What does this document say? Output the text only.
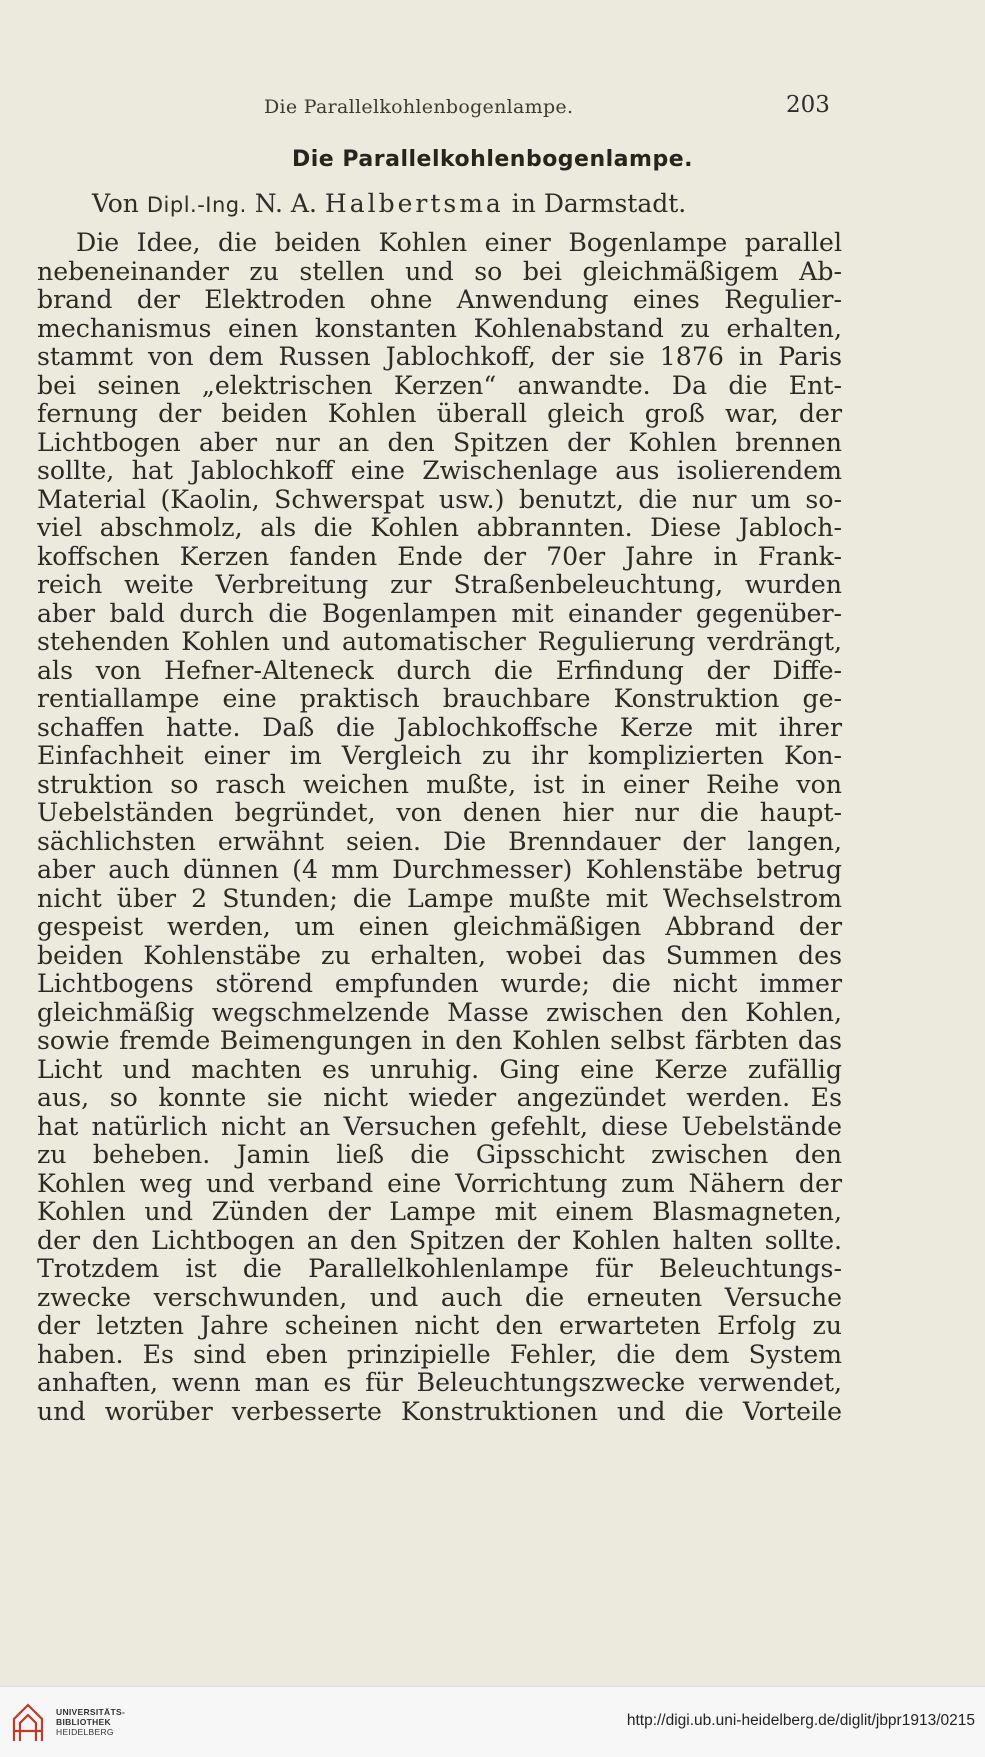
Die Parallelkohlenbogenlampe.	203
Die Parallelkohlenbogenlampe.
Von Dipl.-Ing. N. A. Halbertsma in Darmstadt.
Die Idee, die beiden Kohlen einer Bogenlampe parallel
nebeneinander zu stellen und so bei gleichmäßigem Ab-
brand der Elektroden ohne Anwendung eines Regulier-
mechanismus einen konstanten Kohlenabstand zu erhalten,
stammt von dem Russen Jablochkoff, der sie 1876 in Paris
bei seinen „elektrischen Kerzen“ anwandte. Da die Ent-
fernung der beiden Kohlen überall gleich groß war, der
Lichtbogen aber nur an den Spitzen der Kohlen brennen
sollte, hat Jablochkoff eine Zwischenlage aus isolierendem
Material (Kaolin, Schwerspat usw.) benutzt, die nur um so-
viel abschmolz, als die Kohlen abbrannten. Diese Jabloch-
koffschen Kerzen fanden Ende der 70er Jahre in Frank-
reich weite Verbreitung zur Straßenbeleuchtung, wurden
aber bald durch die Bogenlampen mit einander gegenüber-
stehenden Kohlen und automatischer Regulierung verdrängt,
als von Hefner-Alteneck durch die Erfindung der Diffe-
rentiallampe eine praktisch brauchbare Konstruktion ge-
schaffen hatte. Daß die Jablochkoffsche Kerze mit ihrer
Einfachheit einer im Vergleich zu ihr komplizierten Kon-
struktion so rasch weichen mußte, ist in einer Reihe von
Uebelständen begründet, von denen hier nur die haupt-
sächlichsten erwähnt seien. Die Brenndauer der langen,
aber auch dünnen (4 mm Durchmesser) Kohlenstäbe betrug
nicht über 2 Stunden; die Lampe mußte mit Wechselstrom
gespeist werden, um einen gleichmäßigen Abbrand der
beiden Kohlenstäbe zu erhalten, wobei das Summen des
Lichtbogens störend empfunden wurde; die nicht immer
gleichmäßig wegschmelzende Masse zwischen den Kohlen,
sowie fremde Beimengungen in den Kohlen selbst färbten das
Licht und machten es unruhig. Ging eine Kerze zufällig
aus, so konnte sie nicht wieder angezündet werden. Es
hat natürlich nicht an Versuchen gefehlt, diese Uebelstände
zu beheben. Jamin ließ die Gipsschicht zwischen den
Kohlen weg und verband eine Vorrichtung zum Nähern der
Kohlen und Zünden der Lampe mit einem Blasmagneten,
der den Lichtbogen an den Spitzen der Kohlen halten sollte.
Trotzdem ist die Parallelkohlenlampe für Beleuchtungs-
zwecke verschwunden, und auch die erneuten Versuche
der letzten Jahre scheinen nicht den erwarteten Erfolg zu
haben. Es sind eben prinzipielle Fehler, die dem System
anhaften, wenn man es für Beleuchtungszwecke verwendet,
und worüber verbesserte Konstruktionen und die Vorteile
UNIVERSITÄTS-
BIBLIOTHEK
HEIDELBERG
http://digi.ub.uni-heidelberg.de/diglit/jbpr1913/0215
